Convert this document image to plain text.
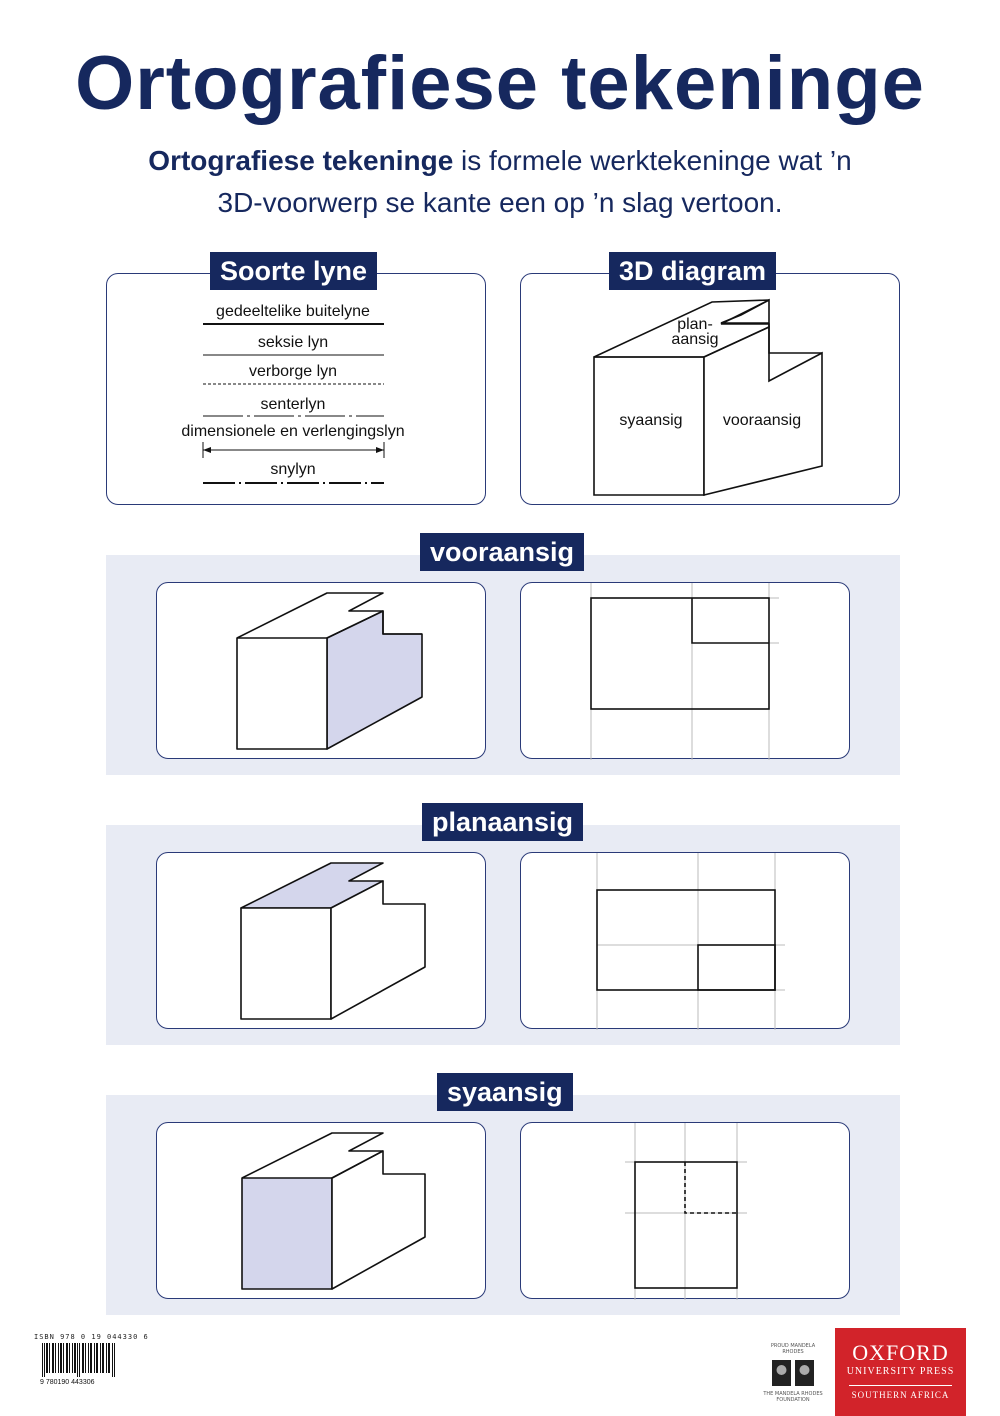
Ortografiese tekeninge
Ortografiese tekeninge is formele werktekeninge wat ’n
3D-voorwerp se kante een op ’n slag vertoon.
gedeeltelike buitelyne
seksie lyn
verborge lyn
senterlyn
dimensionele en verlengingslyn
snylyn
Soorte lyne
plan-
aansig
syaansig	vooraansig
3D diagram
vooraansig
planaansig
syaansig
ISBN 978 0 19 044330 6
9 780190 443306
PROUD MANDELA RHODES
THE MANDELA RHODES FOUNDATION
OXFORD
UNIVERSITY PRESS
SOUTHERN AFRICA
